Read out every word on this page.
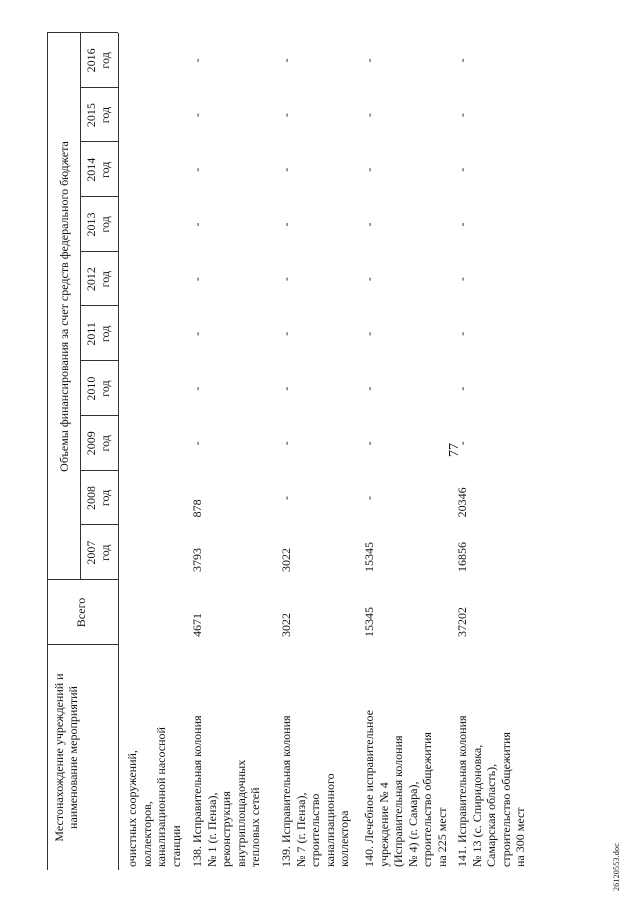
77
26120553.doc
Местонахождение учреждений и наименование мероприятий
Всего
Объемы финансирования за счет средств федерального бюджета
2007 год
2008 год
2009 год
2010 год
2011 год
2012 год
2013 год
2014 год
2015 год
2016 год
очистных сооружений, коллекторов, канализационной насосной станции 138. Исправительная колония № 1 (г. Пенза), реконструкция внутриплощадочных тепловых сетей
4671
3793
878
-
-
-
-
-
-
-
-
139. Исправительная колония № 7 (г. Пенза), строительство канализационного коллектора
3022
3022
-
-
-
-
-
-
-
-
-
140. Лечебное исправительное учреждение № 4 (Исправительная колония № 4) (г. Самара), строительство общежития на 225 мест
15345
15345
-
-
-
-
-
-
-
-
-
141. Исправительная колония № 13 (с. Спиридоновка, Самарская область), строительство общежития на 300 мест
37202
16856
20346
-
-
-
-
-
-
-
-
